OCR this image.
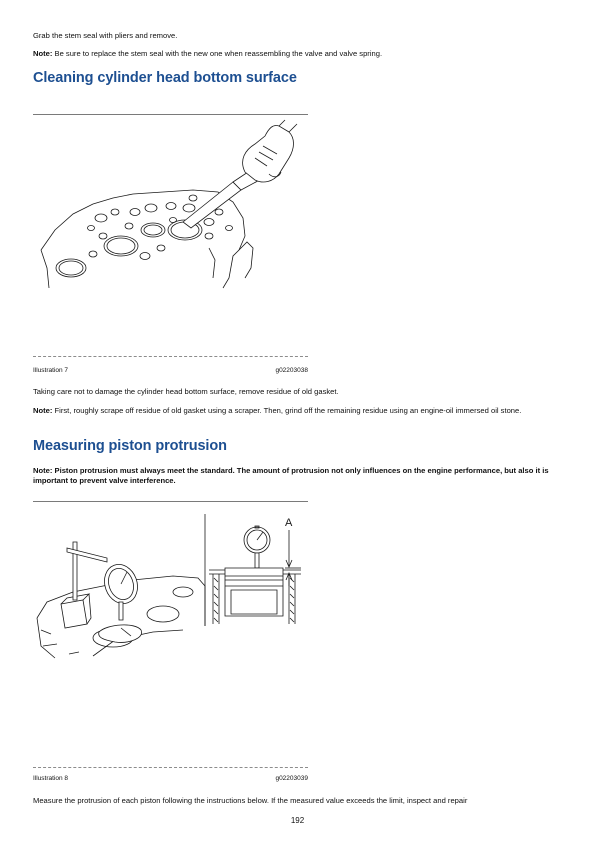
Grab the stem seal with pliers and remove.

Note: Be sure to replace the stem seal with the new one when reassembling the valve and valve spring.

Cleaning cylinder head bottom surface
Illustration 7	g02203038

Taking care not to damage the cylinder head bottom surface, remove residue of old gasket.

Note: First, roughly scrape off residue of old gasket using a scraper. Then, grind off the remaining residue using an engine-oil immersed oil stone.

Measuring piston protrusion

Note: Piston protrusion must always meet the standard. The amount of protrusion not only influences on the engine performance, but also it is important to prevent valve interference.

A
Illustration 8	g02203039

Measure the protrusion of each piston following the instructions below. If the measured value exceeds the limit, inspect and repair

192
